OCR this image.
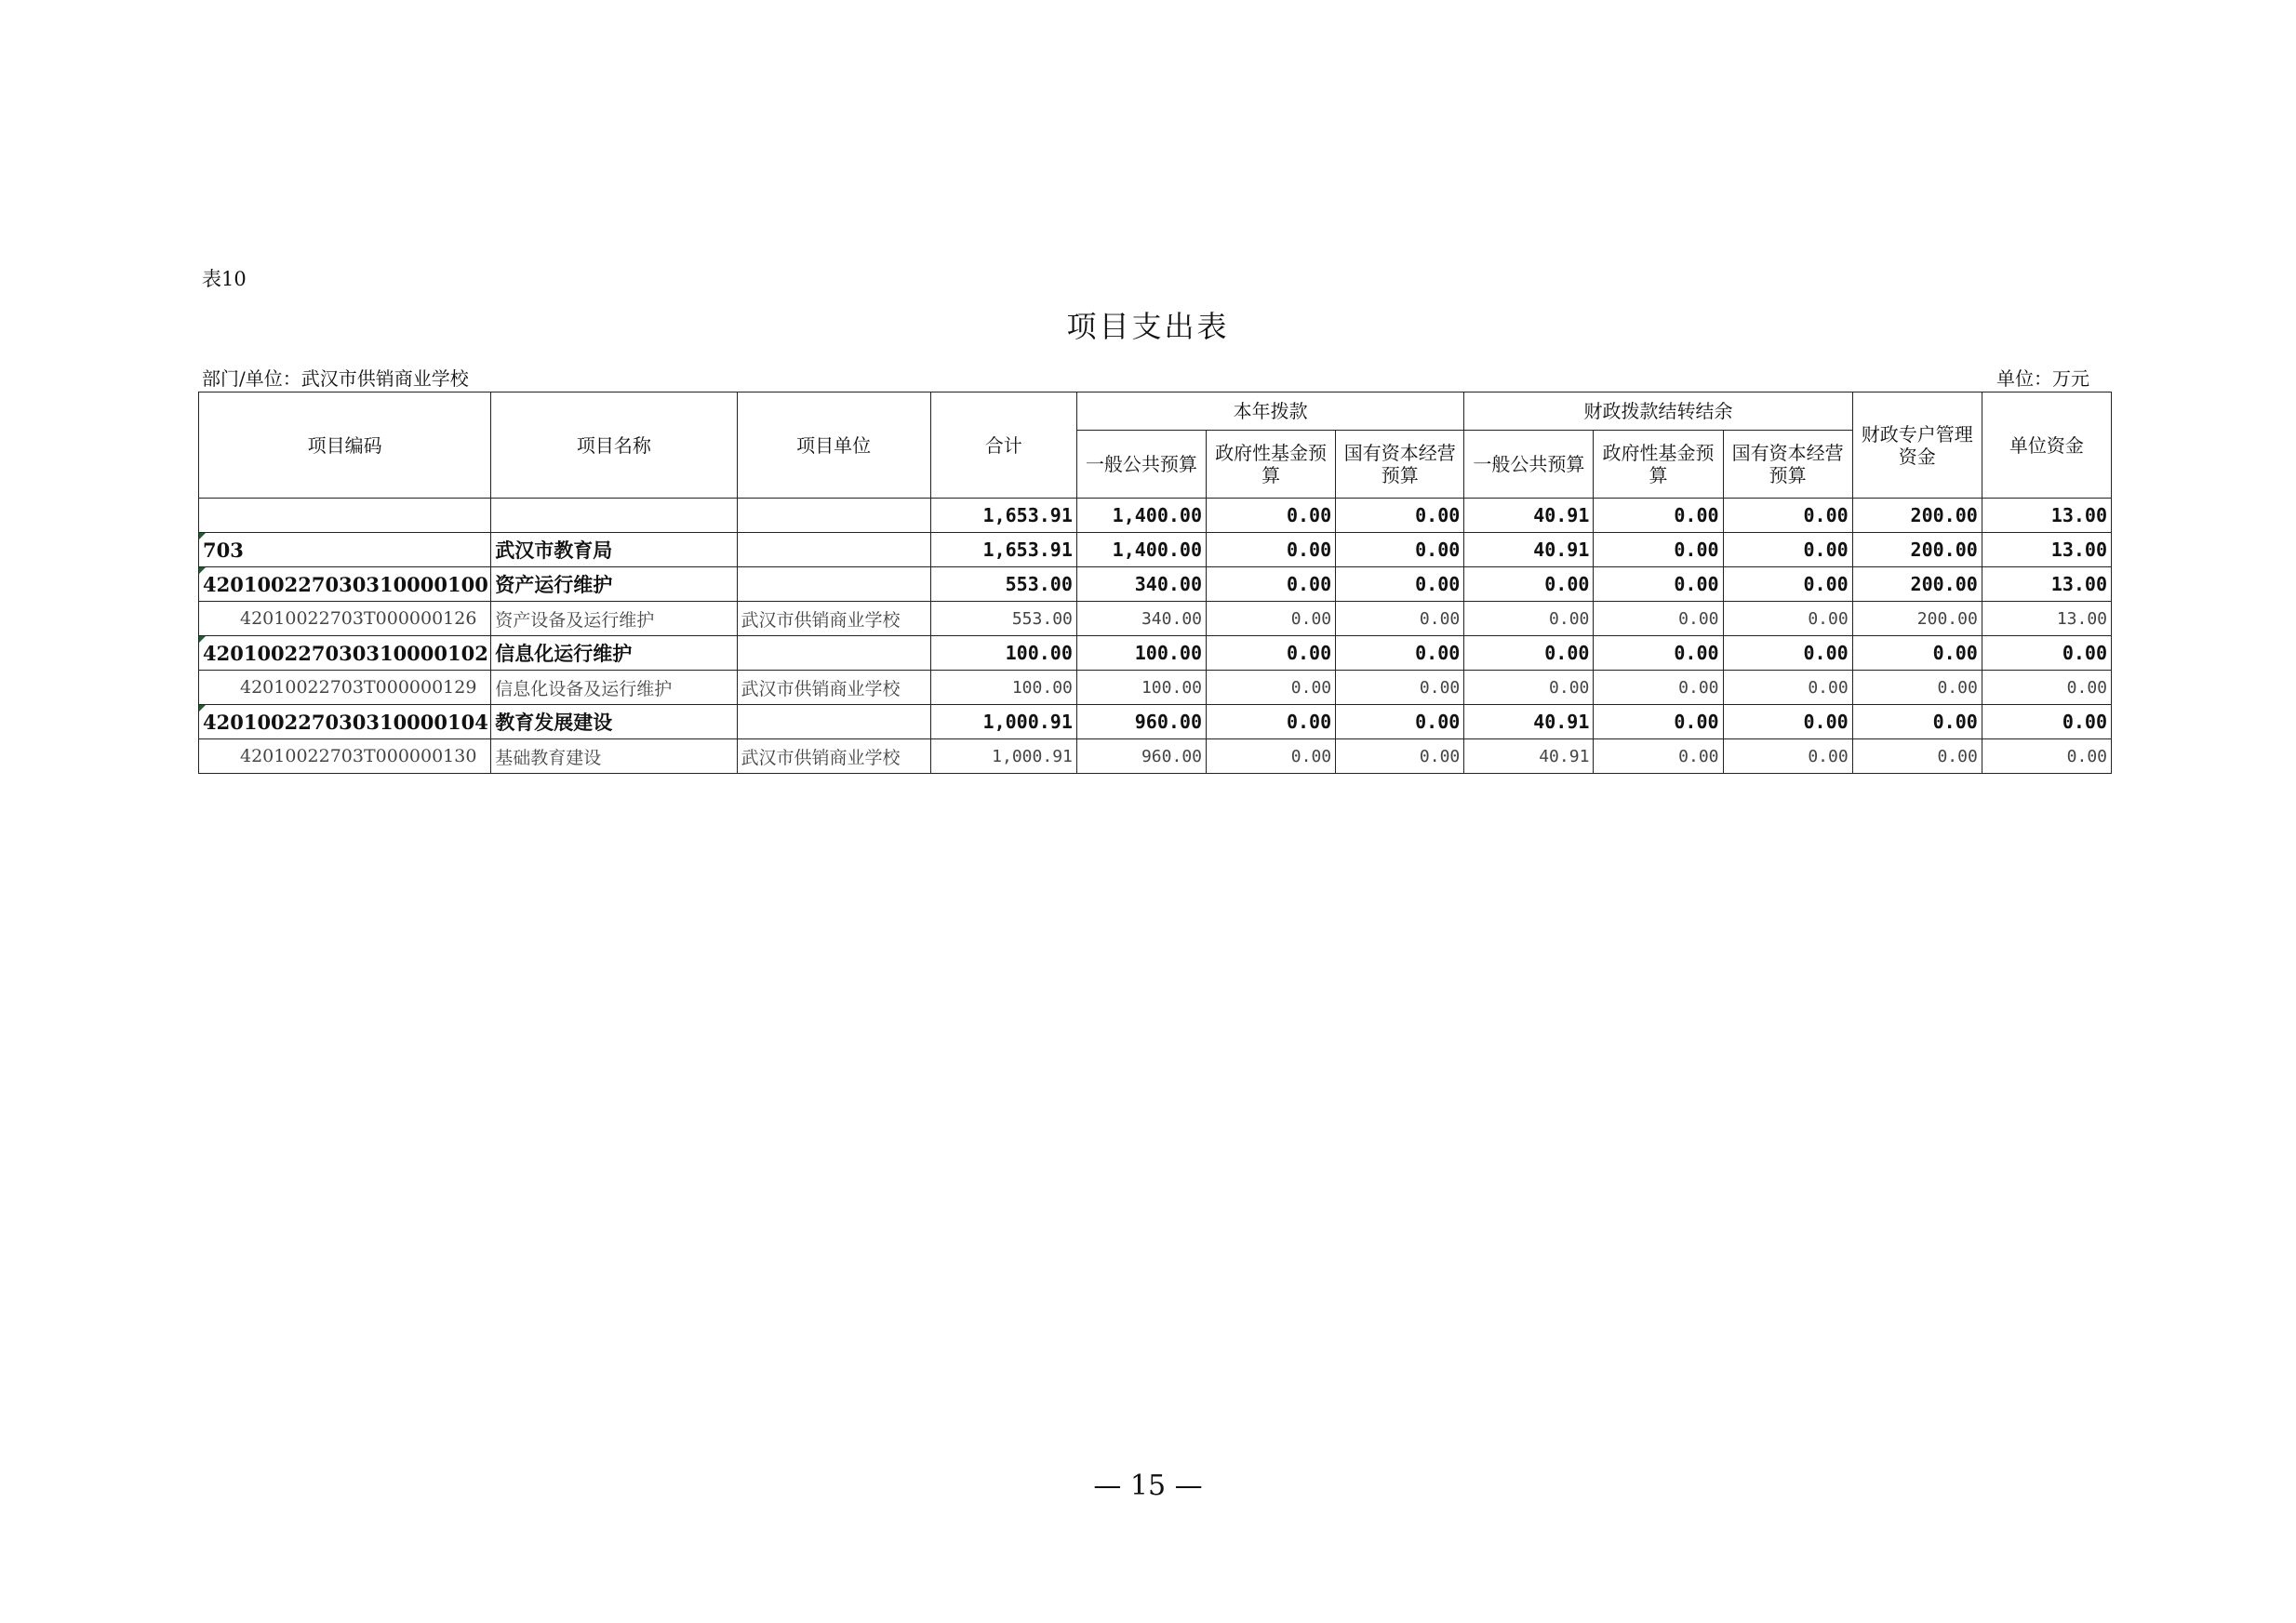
表10
项目支出表
部门/单位：武汉市供销商业学校	单位：万元
项目编码	项目名称	项目单位	合计	本年拨款			财政拨款结转结余			财政专户管理资金	单位资金
				一般公共预算	政府性基金预算	国有资本经营预算	一般公共预算	政府性基金预算	国有资本经营预算		
			1,653.91	1,400.00	0.00	0.00	40.91	0.00	0.00	200.00	13.00

703	武汉市教育局		1,653.91	1,400.00	0.00	0.00	40.91	0.00	0.00	200.00	13.00

420100227030310000100	资产运行维护		553.00	340.00	0.00	0.00	0.00	0.00	0.00	200.00	13.00
42010022703T000000126	资产设备及运行维护	武汉市供销商业学校	553.00	340.00	0.00	0.00	0.00	0.00	0.00	200.00	13.00

420100227030310000102	信息化运行维护		100.00	100.00	0.00	0.00	0.00	0.00	0.00	0.00	0.00
42010022703T000000129	信息化设备及运行维护	武汉市供销商业学校	100.00	100.00	0.00	0.00	0.00	0.00	0.00	0.00	0.00

420100227030310000104	教育发展建设		1,000.91	960.00	0.00	0.00	40.91	0.00	0.00	0.00	0.00
42010022703T000000130	基础教育建设	武汉市供销商业学校	1,000.91	960.00	0.00	0.00	40.91	0.00	0.00	0.00	0.00
— 15 —
